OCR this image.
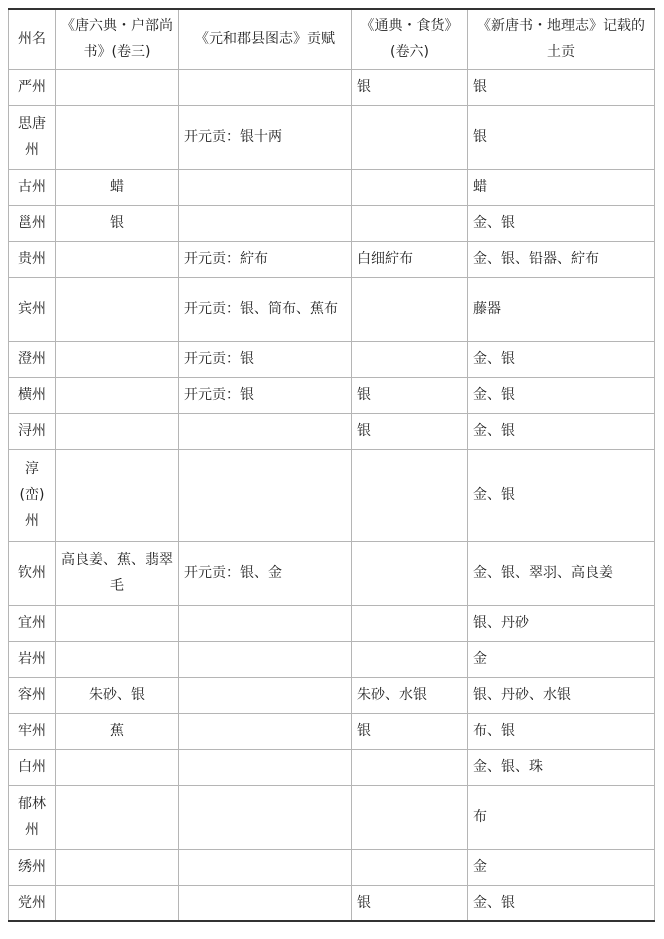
州名	《唐六典・户部尚书》(卷三)	《元和郡县图志》贡赋	《通典・食货》(卷六)	《新唐书・地理志》记载的土贡
严州			银	银
思唐州		开元贡：银十两		银
古州	蜡			蜡
邕州	银			金、银
贵州		开元贡：紵布	白细紵布	金、银、铅器、紵布
宾州		开元贡：银、筒布、蕉布		藤器
澄州		开元贡：银		金、银
横州		开元贡：银	银	金、银
浔州			银	金、银
淳(峦)州				金、银
钦州	高良姜、蕉、翡翠毛	开元贡：银、金		金、银、翠羽、高良姜
宜州				银、丹砂
岩州				金
容州	朱砂、银		朱砂、水银	银、丹砂、水银
牢州	蕉		银	布、银
白州				金、银、珠
郁林州				布
绣州				金
党州			银	金、银
